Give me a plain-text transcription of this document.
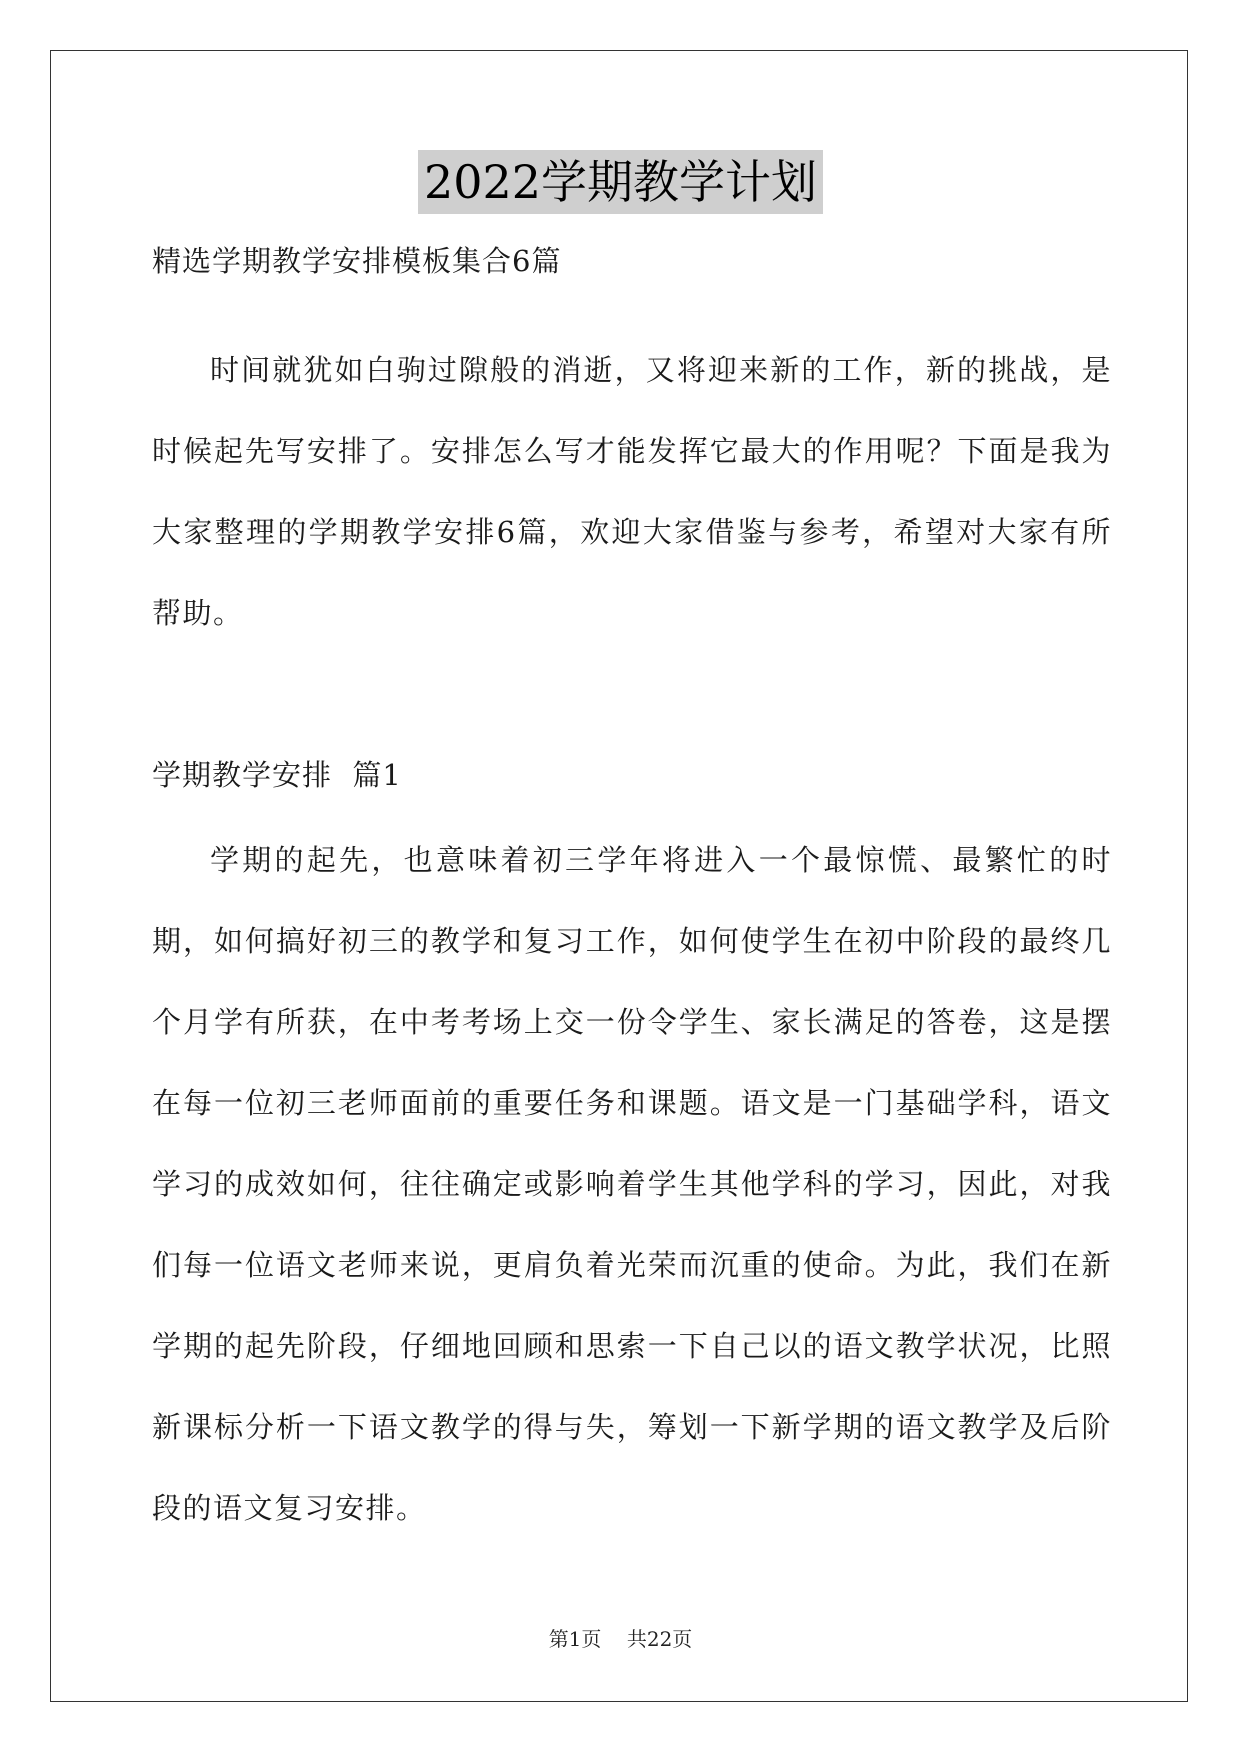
2022学期教学计划
精选学期教学安排模板集合6篇

时间就犹如白驹过隙般的消逝，又将迎来新的工作，新的挑战，是时候起先写安排了。安排怎么写才能发挥它最大的作用呢？下面是我为大家整理的学期教学安排6篇，欢迎大家借鉴与参考，希望对大家有所帮助。

学期教学安排  篇1

学期的起先，也意味着初三学年将进入一个最惊慌、最繁忙的时期，如何搞好初三的教学和复习工作，如何使学生在初中阶段的最终几个月学有所获，在中考考场上交一份令学生、家长满足的答卷，这是摆在每一位初三老师面前的重要任务和课题。语文是一门基础学科，语文学习的成效如何，往往确定或影响着学生其他学科的学习，因此，对我们每一位语文老师来说，更肩负着光荣而沉重的使命。为此，我们在新学期的起先阶段，仔细地回顾和思索一下自己以的语文教学状况，比照新课标分析一下语文教学的得与失，筹划一下新学期的语文教学及后阶段的语文复习安排。

第1页    共22页
